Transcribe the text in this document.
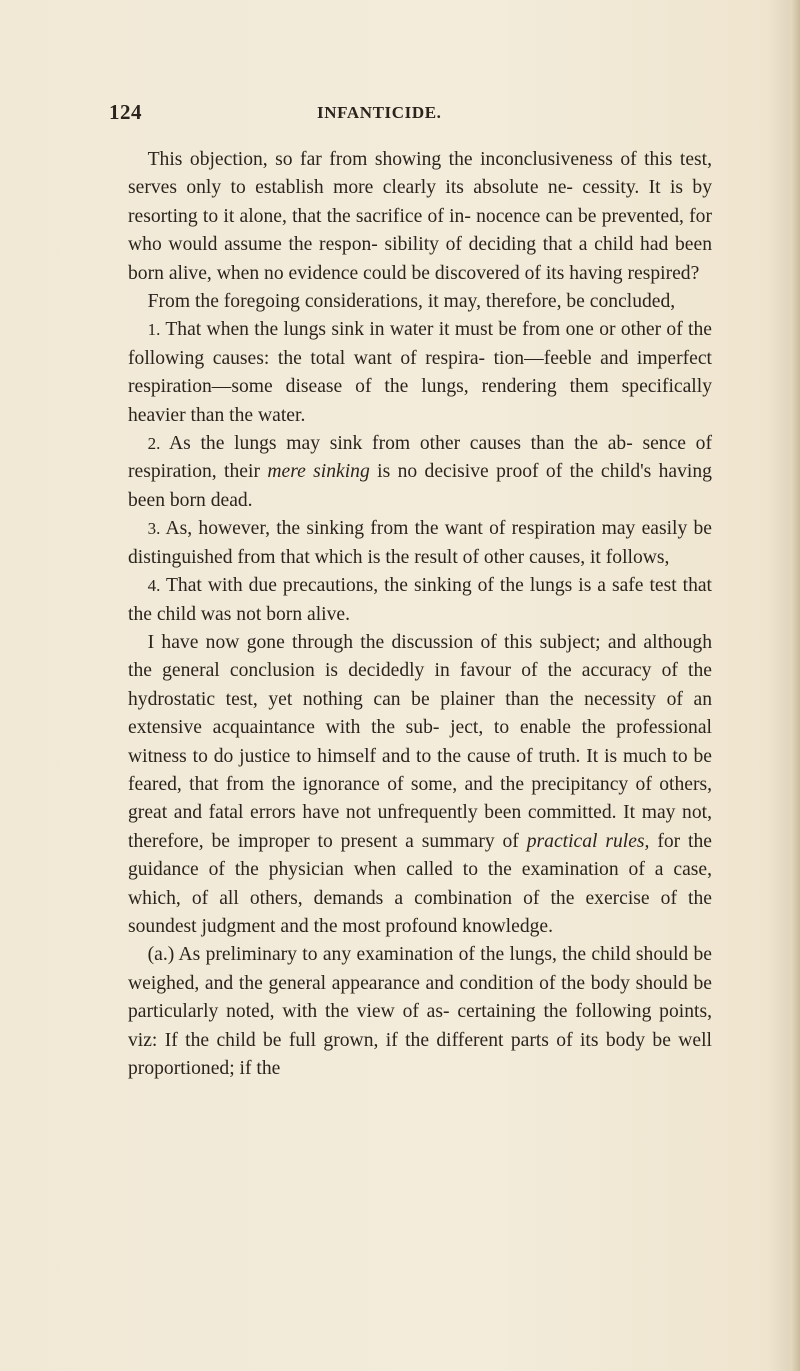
124	INFANTICIDE.

 This objection, so far from showing the inconclusiveness of this test, serves only to establish more clearly its absolute ne- cessity. It is by resorting to it alone, that the sacrifice of in- nocence can be prevented, for who would assume the respon- sibility of deciding that a child had been born alive, when no evidence could be discovered of its having respired?

 From the foregoing considerations, it may, therefore, be concluded,

 1. That when the lungs sink in water it must be from one or other of the following causes: the total want of respira- tion—feeble and imperfect respiration—some disease of the lungs, rendering them specifically heavier than the water.

 2. As the lungs may sink from other causes than the ab- sence of respiration, their mere sinking is no decisive proof of the child's having been born dead.

 3. As, however, the sinking from the want of respiration may easily be distinguished from that which is the result of other causes, it follows,

 4. That with due precautions, the sinking of the lungs is a safe test that the child was not born alive.

 I have now gone through the discussion of this subject; and although the general conclusion is decidedly in favour of the accuracy of the hydrostatic test, yet nothing can be plainer than the necessity of an extensive acquaintance with the sub- ject, to enable the professional witness to do justice to himself and to the cause of truth. It is much to be feared, that from the ignorance of some, and the precipitancy of others, great and fatal errors have not unfrequently been committed. It may not, therefore, be improper to present a summary of practical rules, for the guidance of the physician when called to the examination of a case, which, of all others, demands a combination of the exercise of the soundest judgment and the most profound knowledge.

 (a.) As preliminary to any examination of the lungs, the child should be weighed, and the general appearance and condition of the body should be particularly noted, with the view of as- certaining the following points, viz: If the child be full grown, if the different parts of its body be well proportioned; if the
